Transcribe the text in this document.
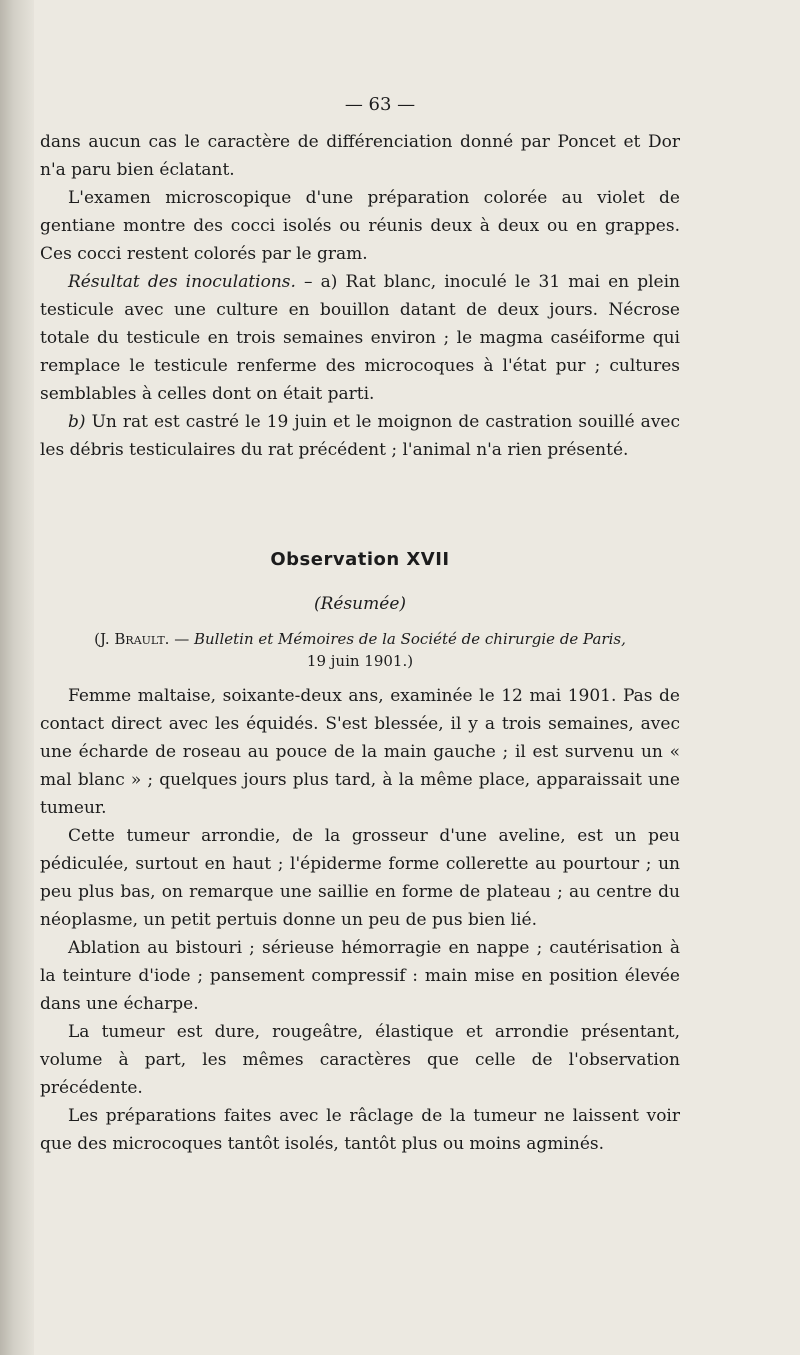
— 63 —

dans aucun cas le caractère de différenciation donné par Poncet et Dor n'a paru bien éclatant.

L'examen microscopique d'une préparation colorée au violet de gentiane montre des cocci isolés ou réunis deux à deux ou en grappes. Ces cocci restent colorés par le gram.

Résultat des inoculations. – a) Rat blanc, inoculé le 31 mai en plein testicule avec une culture en bouillon datant de deux jours. Nécrose totale du testicule en trois semaines environ ; le magma caséiforme qui remplace le testicule renferme des microcoques à l'état pur ; cultures semblables à celles dont on était parti.

b) Un rat est castré le 19 juin et le moignon de castration souillé avec les débris testiculaires du rat précédent ; l'animal n'a rien présenté.

Observation XVII

(Résumée)

(J. Brault. — Bulletin et Mémoires de la Société de chirurgie de Paris,
19 juin 1901.)

Femme maltaise, soixante-deux ans, examinée le 12 mai 1901. Pas de contact direct avec les équidés. S'est blessée, il y a trois semaines, avec une écharde de roseau au pouce de la main gauche ; il est survenu un « mal blanc » ; quelques jours plus tard, à la même place, apparaissait une tumeur.

Cette tumeur arrondie, de la grosseur d'une aveline, est un peu pédiculée, surtout en haut ; l'épiderme forme collerette au pourtour ; un peu plus bas, on remarque une saillie en forme de plateau ; au centre du néoplasme, un petit pertuis donne un peu de pus bien lié.

Ablation au bistouri ; sérieuse hémorragie en nappe ; cautérisation à la teinture d'iode ; pansement compressif : main mise en position élevée dans une écharpe.

La tumeur est dure, rougeâtre, élastique et arrondie présentant, volume à part, les mêmes caractères que celle de l'observation précédente.

Les préparations faites avec le râclage de la tumeur ne laissent voir que des microcoques tantôt isolés, tantôt plus ou moins agminés.
